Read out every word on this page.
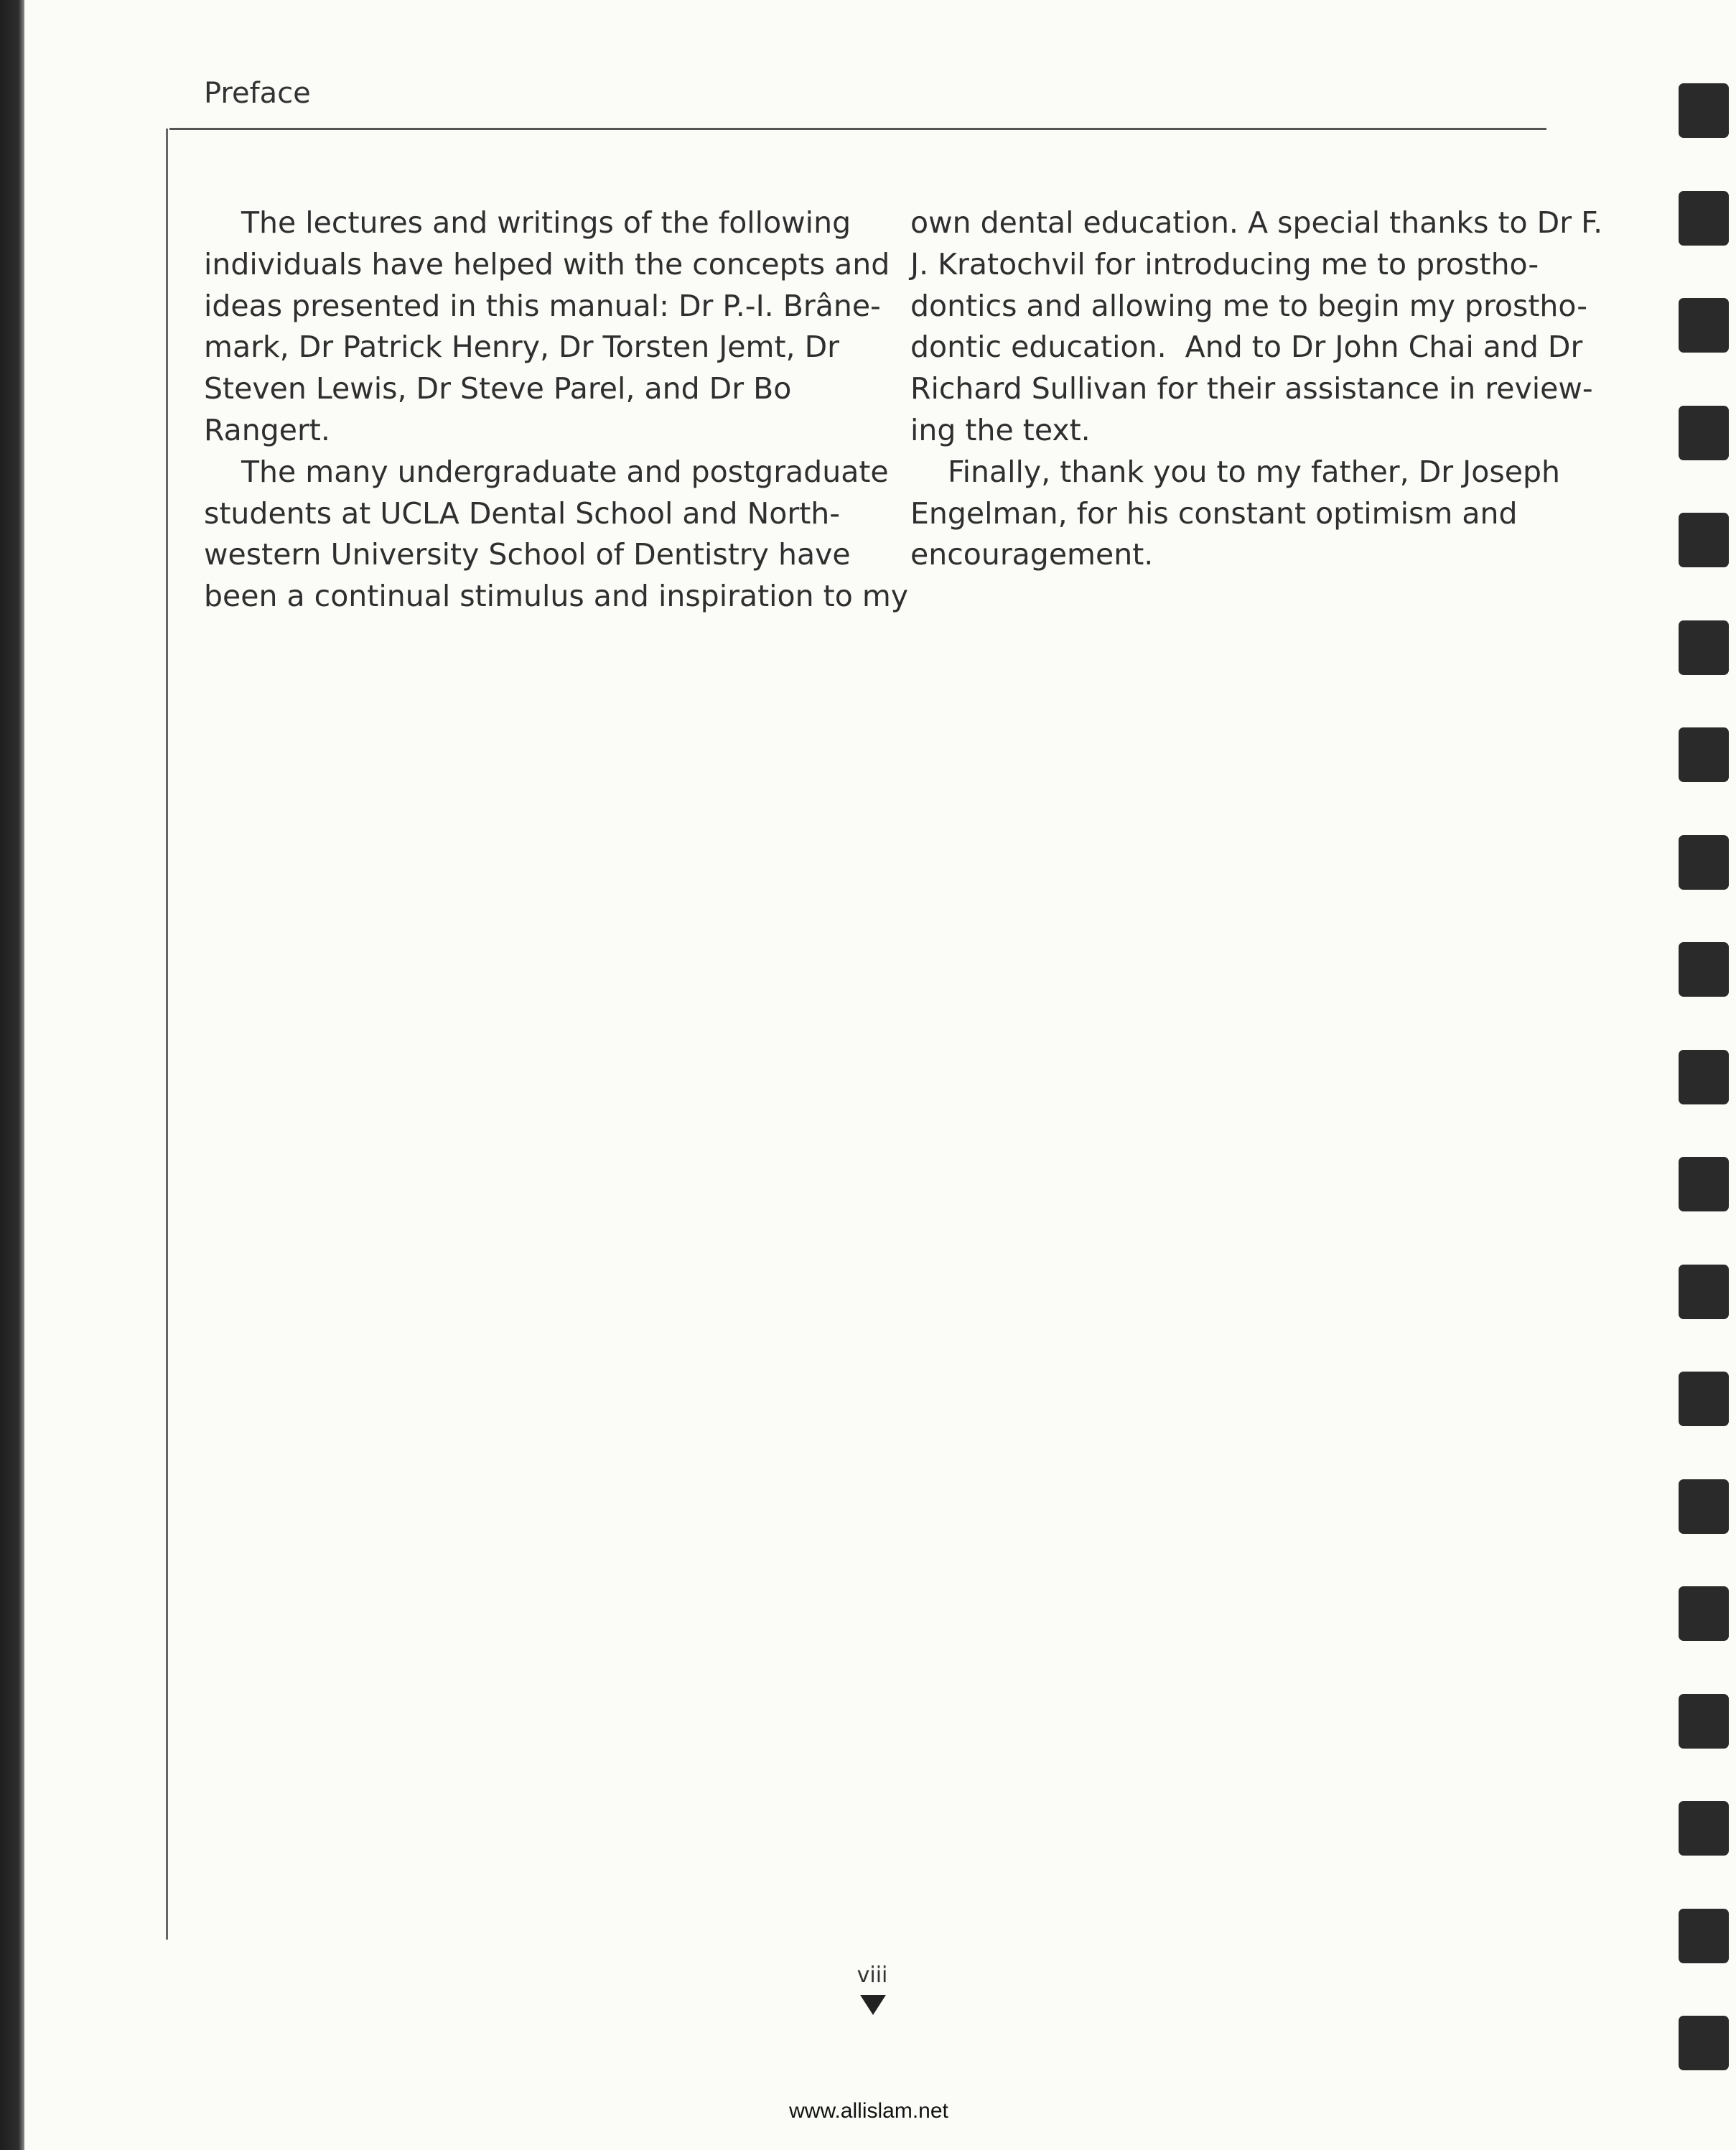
Preface
The lectures and writings of the following
individuals have helped with the concepts and
ideas presented in this manual: Dr P.-I. Brâne-
mark, Dr Patrick Henry, Dr Torsten Jemt, Dr
Steven Lewis, Dr Steve Parel, and Dr Bo
Rangert.
The many undergraduate and postgraduate
students at UCLA Dental School and North-
western University School of Dentistry have
been a continual stimulus and inspiration to my
own dental education. A special thanks to Dr F.
J. Kratochvil for introducing me to prostho-
dontics and allowing me to begin my prostho-
dontic education.  And to Dr John Chai and Dr
Richard Sullivan for their assistance in review-
ing the text.
Finally, thank you to my father, Dr Joseph
Engelman, for his constant optimism and
encouragement.
viii
www.allislam.net
